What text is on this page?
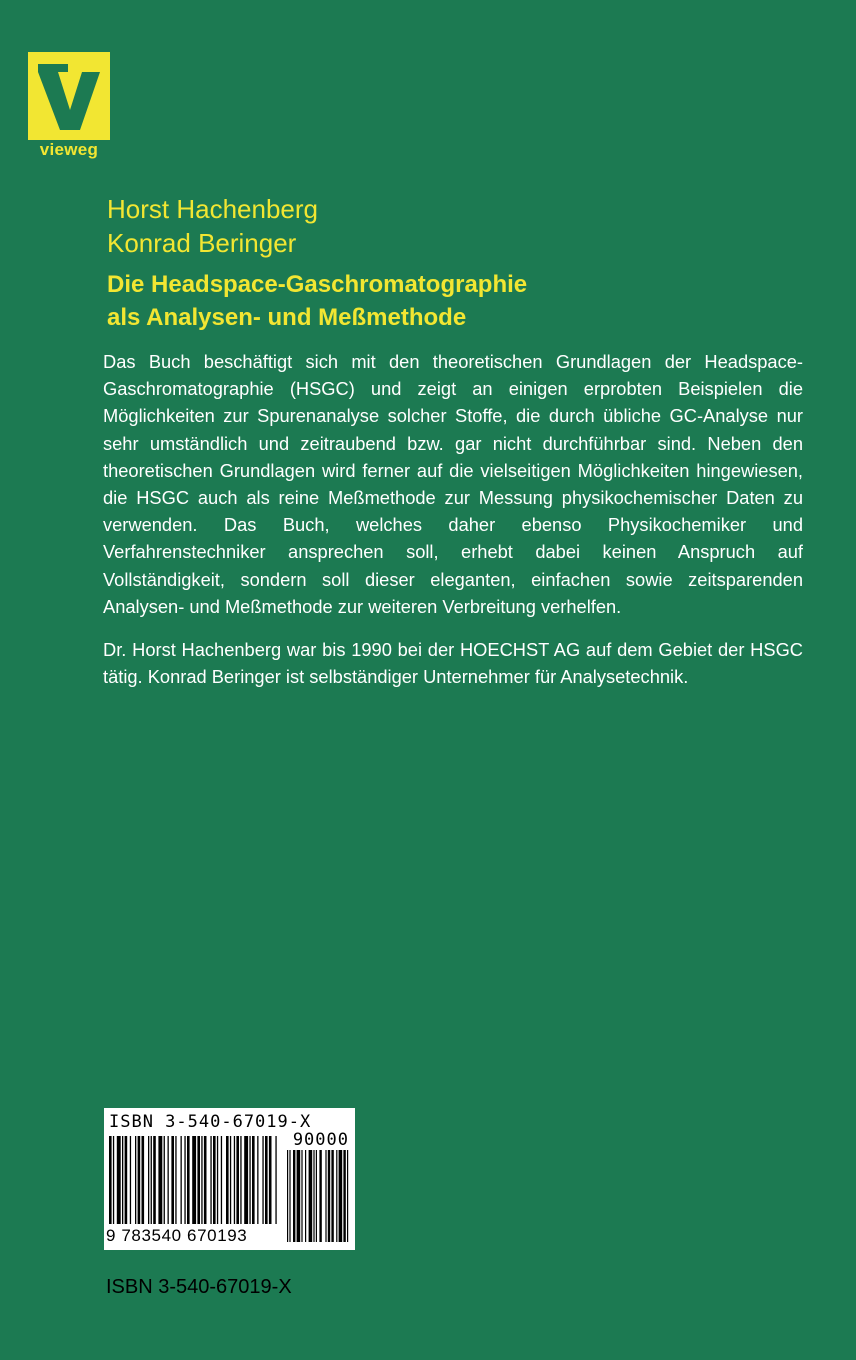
vieweg
Horst Hachenberg
Konrad Beringer
Die Headspace-Gaschromatographie
als Analysen- und Meßmethode

Das Buch beschäftigt sich mit den theoretischen Grundlagen der Headspace-Gaschromatographie (HSGC) und zeigt an einigen erprobten Beispielen die Möglichkeiten zur Spurenanalyse solcher Stoffe, die durch übliche GC-Analyse nur sehr umständlich und zeitraubend bzw. gar nicht durchführbar sind. Neben den theoretischen Grundlagen wird ferner auf die vielseitigen Möglichkeiten hingewiesen, die HSGC auch als reine Meßmethode zur Messung physikochemischer Daten zu verwenden. Das Buch, welches daher ebenso Physikochemiker und Verfahrenstechniker ansprechen soll, erhebt dabei keinen Anspruch auf Vollständigkeit, sondern soll dieser eleganten, einfachen sowie zeitsparenden Analysen- und Meßmethode zur weiteren Verbreitung verhelfen.

Dr. Horst Hachenberg war bis 1990 bei der HOECHST AG auf dem Gebiet der HSGC tätig. Konrad Beringer ist selbständiger Unternehmer für Analysetechnik.

ISBN 3-540-67019-X
90000
9 783540 670193
ISBN 3-540-67019-X
